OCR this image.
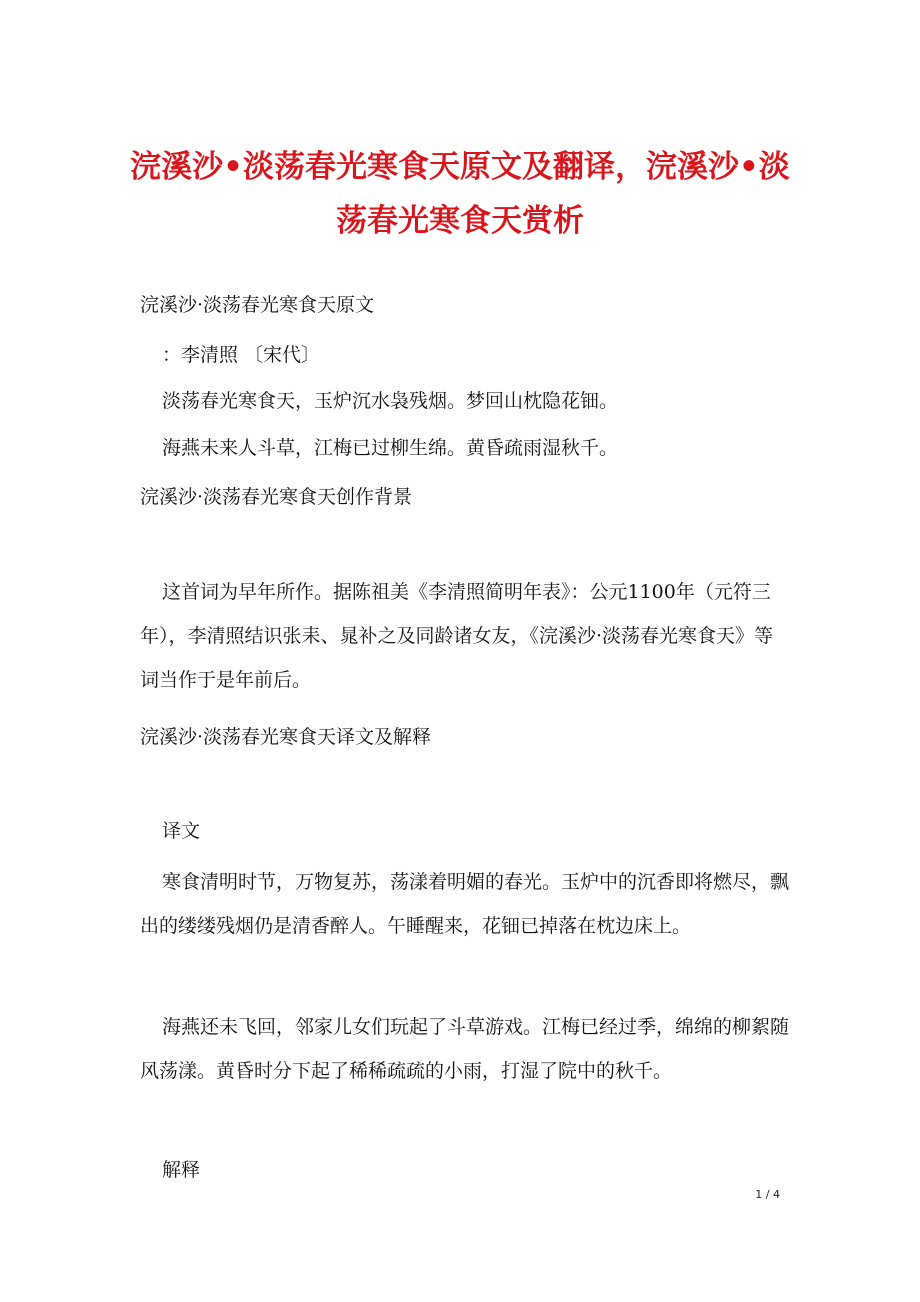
浣溪沙•淡荡春光寒食天原文及翻译，浣溪沙•淡荡春光寒食天赏析

浣溪沙·淡荡春光寒食天原文

：李清照 〔宋代〕

淡荡春光寒食天，玉炉沉水袅残烟。梦回山枕隐花钿。

海燕未来人斗草，江梅已过柳生绵。黄昏疏雨湿秋千。

浣溪沙·淡荡春光寒食天创作背景

这首词为早年所作。据陈祖美《李清照简明年表》：公元1100年（元符三年），李清照结识张耒、晁补之及同龄诸女友，《浣溪沙·淡荡春光寒食天》等词当作于是年前后。

浣溪沙·淡荡春光寒食天译文及解释

译文

寒食清明时节，万物复苏，荡漾着明媚的春光。玉炉中的沉香即将燃尽，飘出的缕缕残烟仍是清香醉人。午睡醒来，花钿已掉落在枕边床上。

海燕还未飞回，邻家儿女们玩起了斗草游戏。江梅已经过季，绵绵的柳絮随风荡漾。黄昏时分下起了稀稀疏疏的小雨，打湿了院中的秋千。

解释

1 / 4
